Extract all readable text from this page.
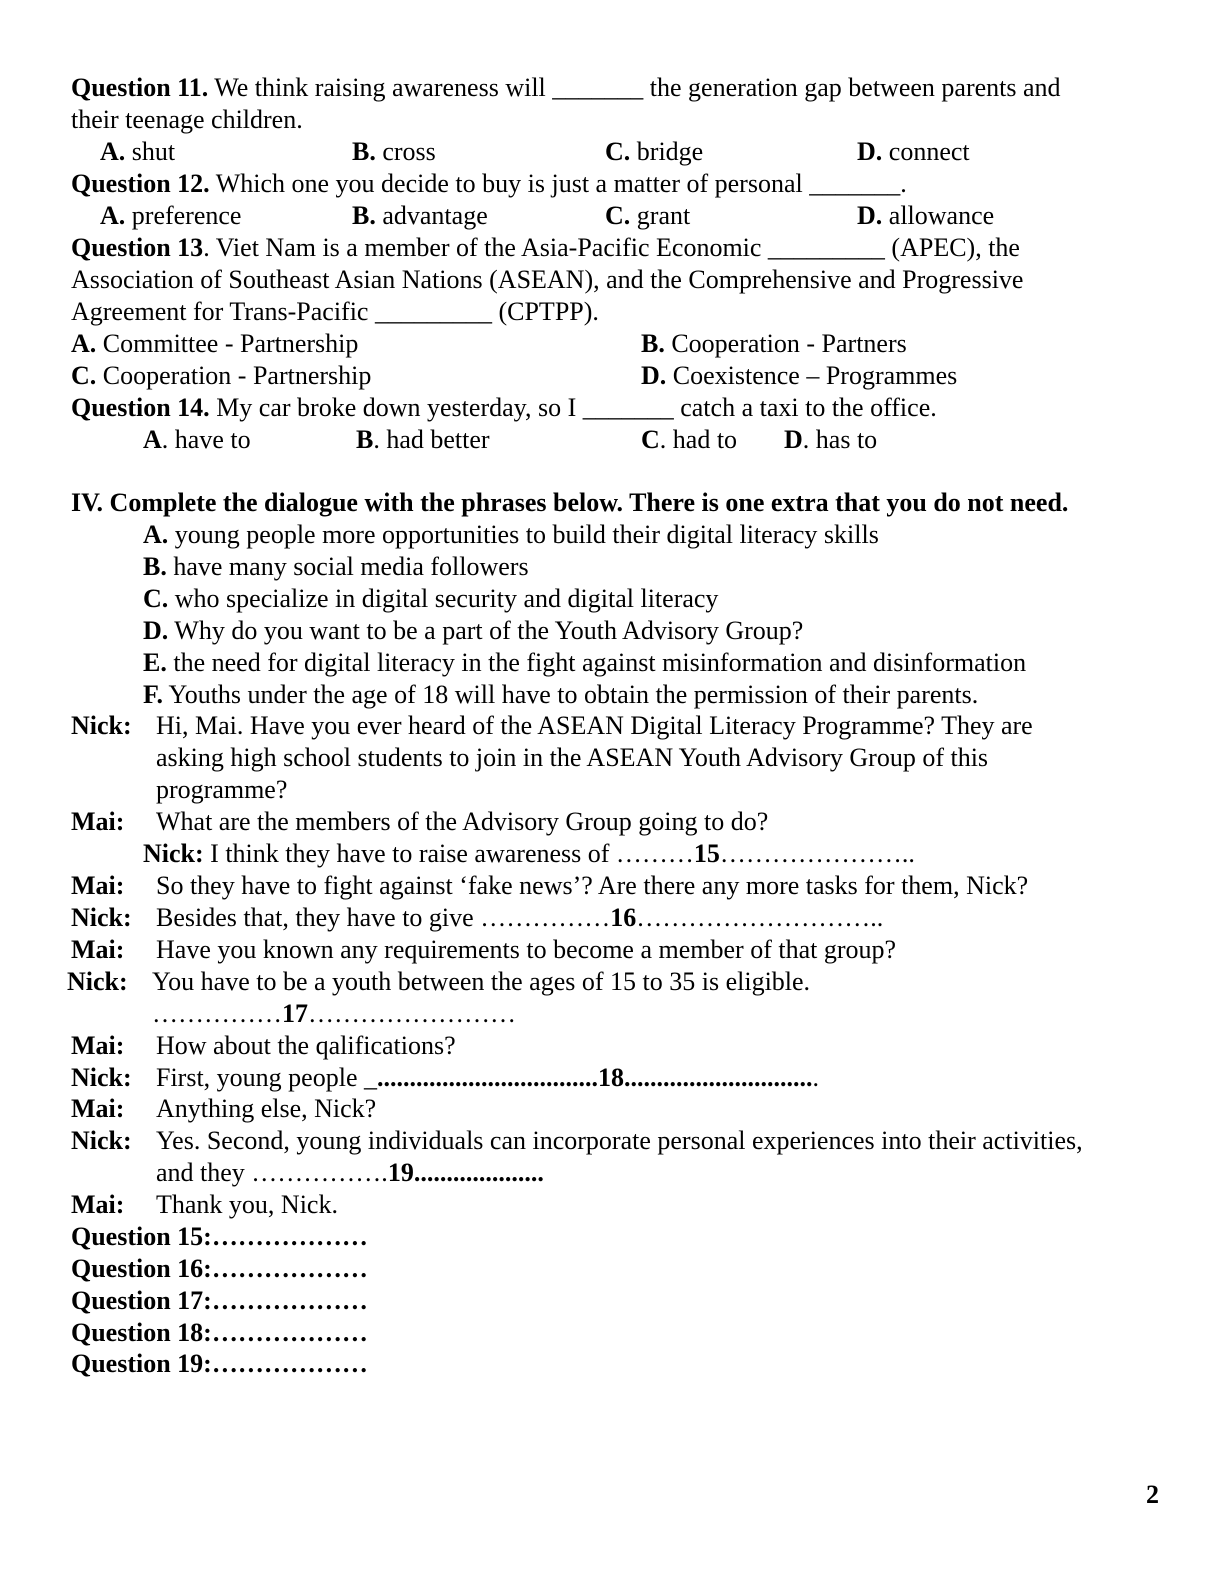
Question 11. We think raising awareness will _______ the generation gap between parents and
their teenage children.
A. shut	B. cross	C. bridge	D. connect
Question 12. Which one you decide to buy is just a matter of personal _______.
A. preference	B. advantage	C. grant	D. allowance
Question 13. Viet Nam is a member of the Asia-Pacific Economic _________ (APEC), the
Association of Southeast Asian Nations (ASEAN), and the Comprehensive and Progressive
Agreement for Trans-Pacific _________ (CPTPP).
A. Committee - Partnership	B. Cooperation - Partners
C. Cooperation - Partnership	D. Coexistence – Programmes
Question 14. My car broke down yesterday, so I _______ catch a taxi to the office.
A. have to	B. had better	C. had to D. has to
IV. Complete the dialogue with the phrases below. There is one extra that you do not need.
A. young people more opportunities to build their digital literacy skills
B. have many social media followers
C. who specialize in digital security and digital literacy
D. Why do you want to be a part of the Youth Advisory Group?
E. the need for digital literacy in the fight against misinformation and disinformation
F. Youths under the age of 18 will have to obtain the permission of their parents.
Nick: Hi, Mai. Have you ever heard of the ASEAN Digital Literacy Programme? They are
asking high school students to join in the ASEAN Youth Advisory Group of this
programme?
Mai: What are the members of the Advisory Group going to do?
Nick: I think they have to raise awareness of ………15…………………..
Mai: So they have to fight against ‘fake news’? Are there any more tasks for them, Nick?
Nick: Besides that, they have to give ……………16………………………..
Mai: Have you known any requirements to become a member of that group?
Nick: You have to be a youth between the ages of 15 to 35 is eligible.
……………17……………………
Mai: How about the qalifications?
Nick: First, young people _..................................18..............................
Mai: Anything else, Nick?
Nick: Yes. Second, young individuals can incorporate personal experiences into their activities,
and they …………….19....................
Mai: Thank you, Nick.
Question 15:………………
Question 16:………………
Question 17:………………
Question 18:………………
Question 19:………………
2
